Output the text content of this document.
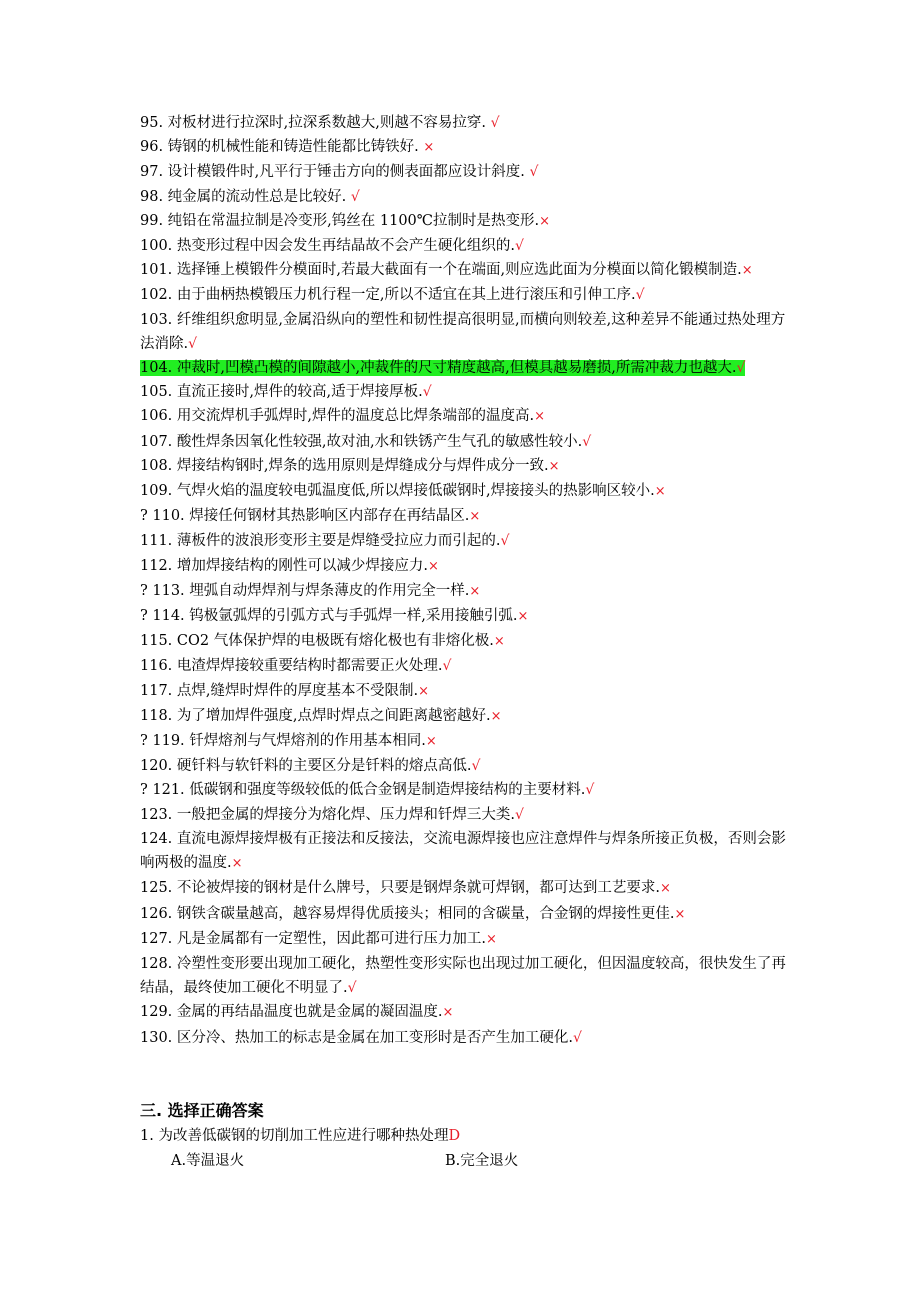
95. 对板材进行拉深时,拉深系数越大,则越不容易拉穿. √

96. 铸钢的机械性能和铸造性能都比铸铁好. ×

97. 设计模锻件时,凡平行于锤击方向的侧表面都应设计斜度. √

98. 纯金属的流动性总是比较好. √

99. 纯铅在常温拉制是冷变形,钨丝在 1100℃拉制时是热变形.×

100. 热变形过程中因会发生再结晶故不会产生硬化组织的.√

101. 选择锤上模锻件分模面时,若最大截面有一个在端面,则应选此面为分模面以简化锻模制造.×

102. 由于曲柄热模锻压力机行程一定,所以不适宜在其上进行滚压和引伸工序.√

103. 纤维组织愈明显,金属沿纵向的塑性和韧性提高很明显,而横向则较差,这种差异不能通过热处理方法消除.√

104. 冲裁时,凹模凸模的间隙越小,冲裁件的尺寸精度越高,但模具越易磨损,所需冲裁力也越大.√

105. 直流正接时,焊件的较高,适于焊接厚板.√

106. 用交流焊机手弧焊时,焊件的温度总比焊条端部的温度高.×

107. 酸性焊条因氧化性较强,故对油,水和铁锈产生气孔的敏感性较小.√

108. 焊接结构钢时,焊条的选用原则是焊缝成分与焊件成分一致.×

109. 气焊火焰的温度较电弧温度低,所以焊接低碳钢时,焊接接头的热影响区较小.×

? 110. 焊接任何钢材其热影响区内部存在再结晶区.×

111. 薄板件的波浪形变形主要是焊缝受拉应力而引起的.√

112. 增加焊接结构的刚性可以减少焊接应力.×

? 113. 埋弧自动焊焊剂与焊条薄皮的作用完全一样.×

? 114. 钨极氩弧焊的引弧方式与手弧焊一样,采用接触引弧.×

115. CO2 气体保护焊的电极既有熔化极也有非熔化极.×

116. 电渣焊焊接较重要结构时都需要正火处理.√

117. 点焊,缝焊时焊件的厚度基本不受限制.×

118. 为了增加焊件强度,点焊时焊点之间距离越密越好.×

? 119. 钎焊熔剂与气焊熔剂的作用基本相同.×

120. 硬钎料与软钎料的主要区分是钎料的熔点高低.√

? 121. 低碳钢和强度等级较低的低合金钢是制造焊接结构的主要材料.√

123. 一般把金属的焊接分为熔化焊、压力焊和钎焊三大类.√

124. 直流电源焊接焊极有正接法和反接法，交流电源焊接也应注意焊件与焊条所接正负极，否则会影响两极的温度.×

125. 不论被焊接的钢材是什么牌号，只要是钢焊条就可焊钢，都可达到工艺要求.×

126. 钢铁含碳量越高，越容易焊得优质接头；相同的含碳量，合金钢的焊接性更佳.×

127. 凡是金属都有一定塑性，因此都可进行压力加工.×

128. 冷塑性变形要出现加工硬化，热塑性变形实际也出现过加工硬化，但因温度较高，很快发生了再结晶，最终使加工硬化不明显了.√

129. 金属的再结晶温度也就是金属的凝固温度.×

130. 区分冷、热加工的标志是金属在加工变形时是否产生加工硬化.√

三. 选择正确答案
1. 为改善低碳钢的切削加工性应进行哪种热处理D
A.等温退火	B.完全退火
